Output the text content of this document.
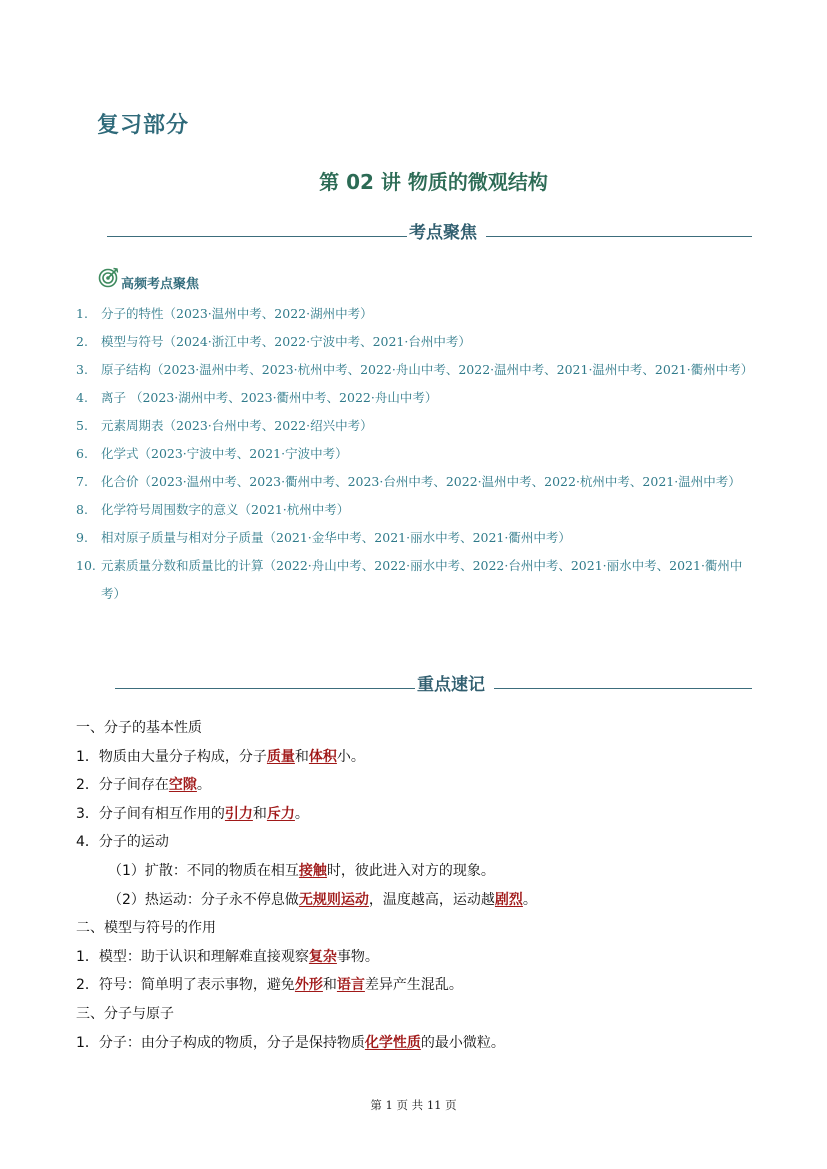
复习部分
第 02 讲 物质的微观结构
考点聚焦
高频考点聚焦
1.	分子的特性（2023·温州中考、2022·湖州中考）
2.	模型与符号（2024·浙江中考、2022·宁波中考、2021·台州中考）
3.	原子结构（2023·温州中考、2023·杭州中考、2022·舟山中考、2022·温州中考、2021·温州中考、2021·衢州中考）
4.	离子 （2023·湖州中考、2023·衢州中考、2022·舟山中考）
5.	元素周期表（2023·台州中考、2022·绍兴中考）
6.	化学式（2023·宁波中考、2021·宁波中考）
7.	化合价（2023·温州中考、2023·衢州中考、2023·台州中考、2022·温州中考、2022·杭州中考、2021·温州中考）
8.	化学符号周围数字的意义（2021·杭州中考）
9.	相对原子质量与相对分子质量（2021·金华中考、2021·丽水中考、2021·衢州中考）
10. 元素质量分数和质量比的计算（2022·舟山中考、2022·丽水中考、2022·台州中考、2021·丽水中考、2021·衢州中考）
重点速记
一、分子的基本性质
1．物质由大量分子构成，分子质量和体积小。
2．分子间存在空隙。
3．分子间有相互作用的引力和斥力。
4．分子的运动
（1）扩散：不同的物质在相互接触时，彼此进入对方的现象。
（2）热运动：分子永不停息做无规则运动，温度越高，运动越剧烈。
二、模型与符号的作用
1．模型：助于认识和理解难直接观察复杂事物。
2．符号：简单明了表示事物，避免外形和语言差异产生混乱。
三、分子与原子
1．分子：由分子构成的物质，分子是保持物质化学性质的最小微粒。
第 1 页 共 11 页
